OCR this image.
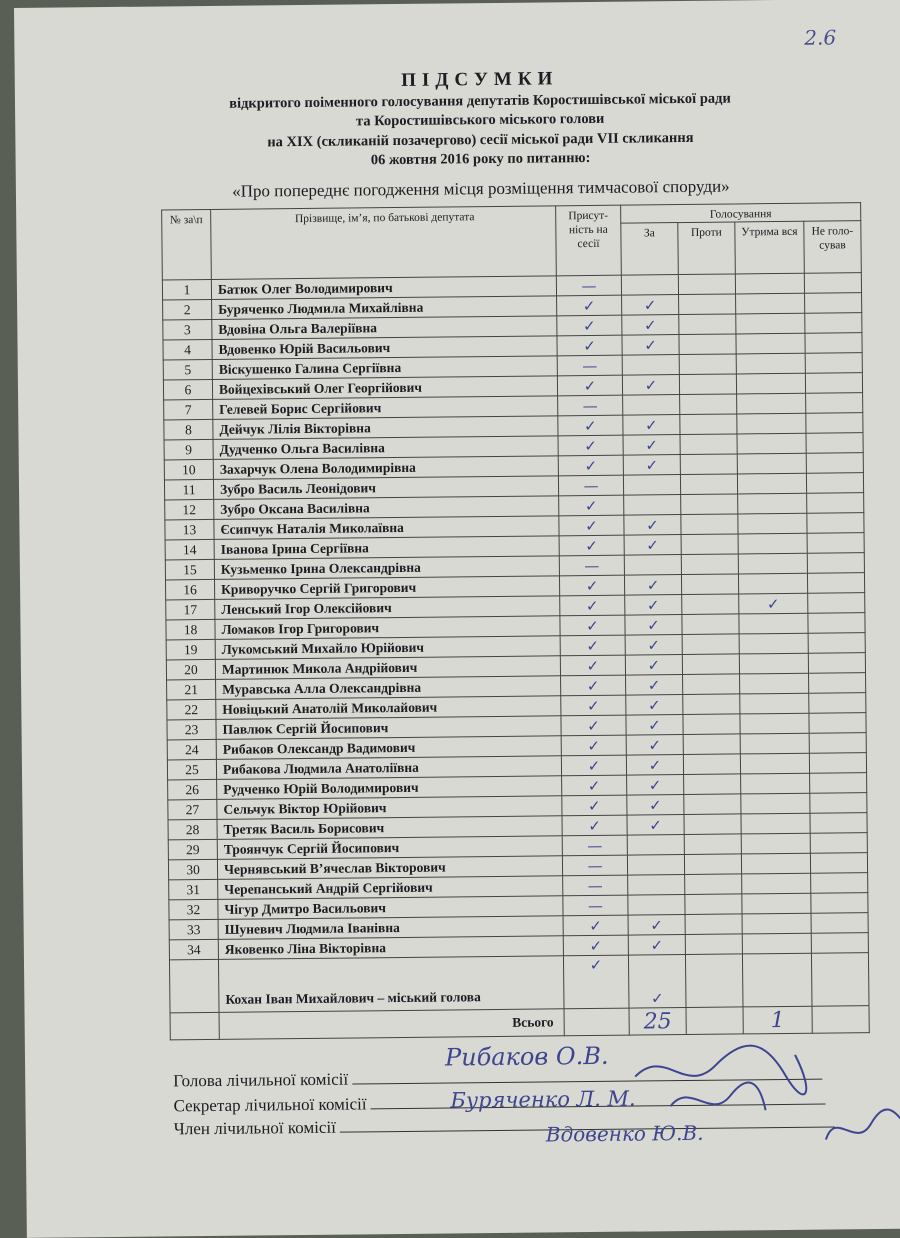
2.6
ПІДСУМКИ
відкритого поіменного голосування депутатів Коростишівської міської ради
та Коростишівського міського голови
на XIX (скликаній позачергово) сесії міської ради VII скликання
06 жовтня 2016 року по питанню:
«Про попереднє погодження місця розміщення тимчасової споруди»
№ за\п	Прізвище, ім’я, по батькові депутата	Присут-ність на сесії	Голосування			
			За	Проти	Утрима вся	Не голо-сував
1	Батюк Олег Володимирович	—				
2	Буряченко Людмила Михайлівна	✓	✓			
3	Вдовіна Ольга Валеріївна	✓	✓			
4	Вдовенко Юрій Васильович	✓	✓			
5	Віскушенко Галина Сергіївна	—				
6	Войцехівський Олег Георгійович	✓	✓			
7	Гелевей Борис Сергійович	—				
8	Дейчук Лілія Вікторівна	✓	✓			
9	Дудченко Ольга Василівна	✓	✓			
10	Захарчук Олена Володимирівна	✓	✓			
11	Зубро Василь Леонідович	—				
12	Зубро Оксана Василівна	✓				
13	Єсипчук Наталія Миколаївна	✓	✓			
14	Іванова Ірина Сергіївна	✓	✓			
15	Кузьменко Ірина Олександрівна	—				
16	Криворучко Сергій Григорович	✓	✓			
17	Ленський Ігор Олексійович	✓	✓		✓	
18	Ломаков Ігор Григорович	✓	✓			
19	Лукомський Михайло Юрійович	✓	✓			
20	Мартинюк Микола Андрійович	✓	✓			
21	Муравська Алла Олександрівна	✓	✓			
22	Новіцький Анатолій Миколайович	✓	✓			
23	Павлюк Сергій Йосипович	✓	✓			
24	Рибаков Олександр Вадимович	✓	✓			
25	Рибакова Людмила Анатоліївна	✓	✓			
26	Рудченко Юрій Володимирович	✓	✓			
27	Сельчук Віктор Юрійович	✓	✓			
28	Третяк Василь Борисович	✓	✓			
29	Троянчук Сергій Йосипович	—				
30	Чернявський В’ячеслав Вікторович	—				
31	Черепанський Андрій Сергійович	—				
32	Чігур Дмитро Васильович	—				
33	Шуневич Людмила Іванівна	✓	✓			
34	Яковенко Ліна Вікторівна	✓	✓			
	Кохан Іван Михайлович – міський голова	✓	✓			
	Всього		25		1	
Голова лічильної комісії
Секретар лічильної комісії
Член лічильної комісії
Рибаков О.В.
Буряченко Л. М.
Вдовенко Ю.В.
